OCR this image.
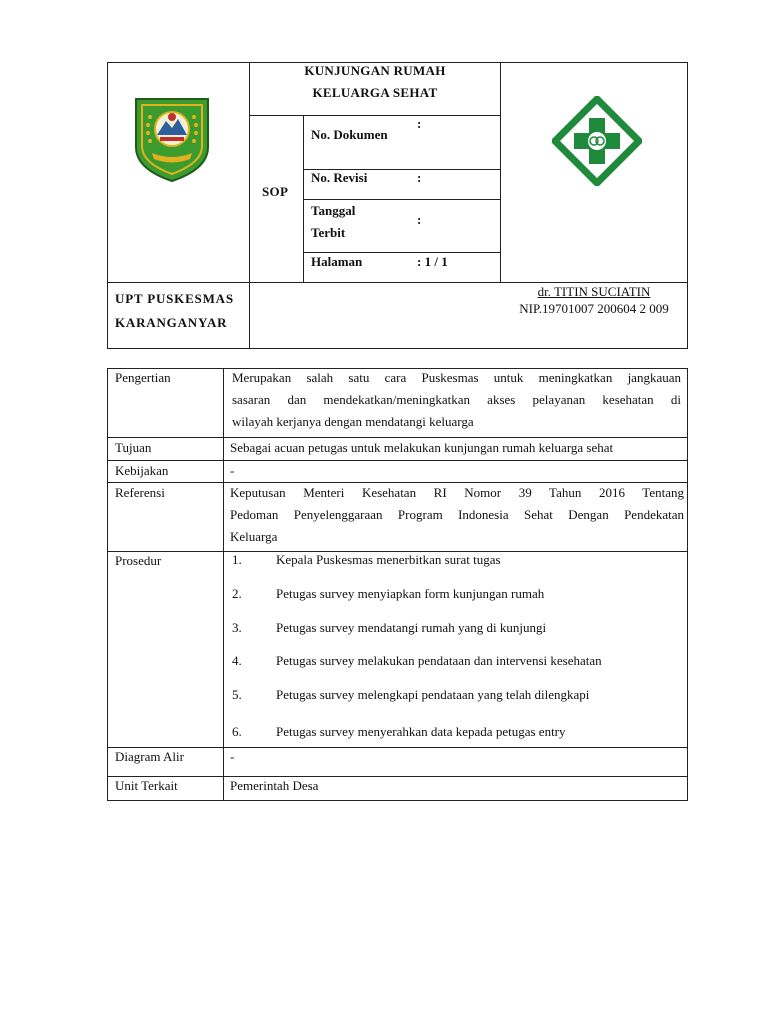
KUNJUNGAN RUMAH
KELUARGA SEHAT
SOP
No. Dokumen
:
No. Revisi	:
Tanggal
Terbit
:
Halaman	: 1 / 1
UPT PUSKESMAS
KARANGANYAR
dr. TITIN SUCIATIN
NIP.19701007 200604 2 009
Pengertian	Merupakan salah satu cara Puskesmas untuk meningkatkan jangkauan
sasaran dan mendekatkan/meningkatkan akses pelayanan kesehatan di
wilayah kerjanya dengan mendatangi keluarga
Tujuan	Sebagai acuan petugas untuk melakukan kunjungan rumah keluarga sehat
Kebijakan	-
Referensi	Keputusan Menteri Kesehatan RI Nomor 39 Tahun 2016 Tentang
Pedoman Penyelenggaraan Program Indonesia Sehat Dengan Pendekatan
Keluarga
Prosedur	1.	Kepala Puskesmas menerbitkan surat tugas
2.	Petugas survey menyiapkan form kunjungan rumah
3.	Petugas survey mendatangi rumah yang di kunjungi
4.	Petugas survey melakukan pendataan dan intervensi kesehatan
5.	Petugas survey melengkapi pendataan yang telah dilengkapi
6.	Petugas survey menyerahkan data kepada petugas entry
Diagram Alir	-
Unit Terkait	Pemerintah Desa
